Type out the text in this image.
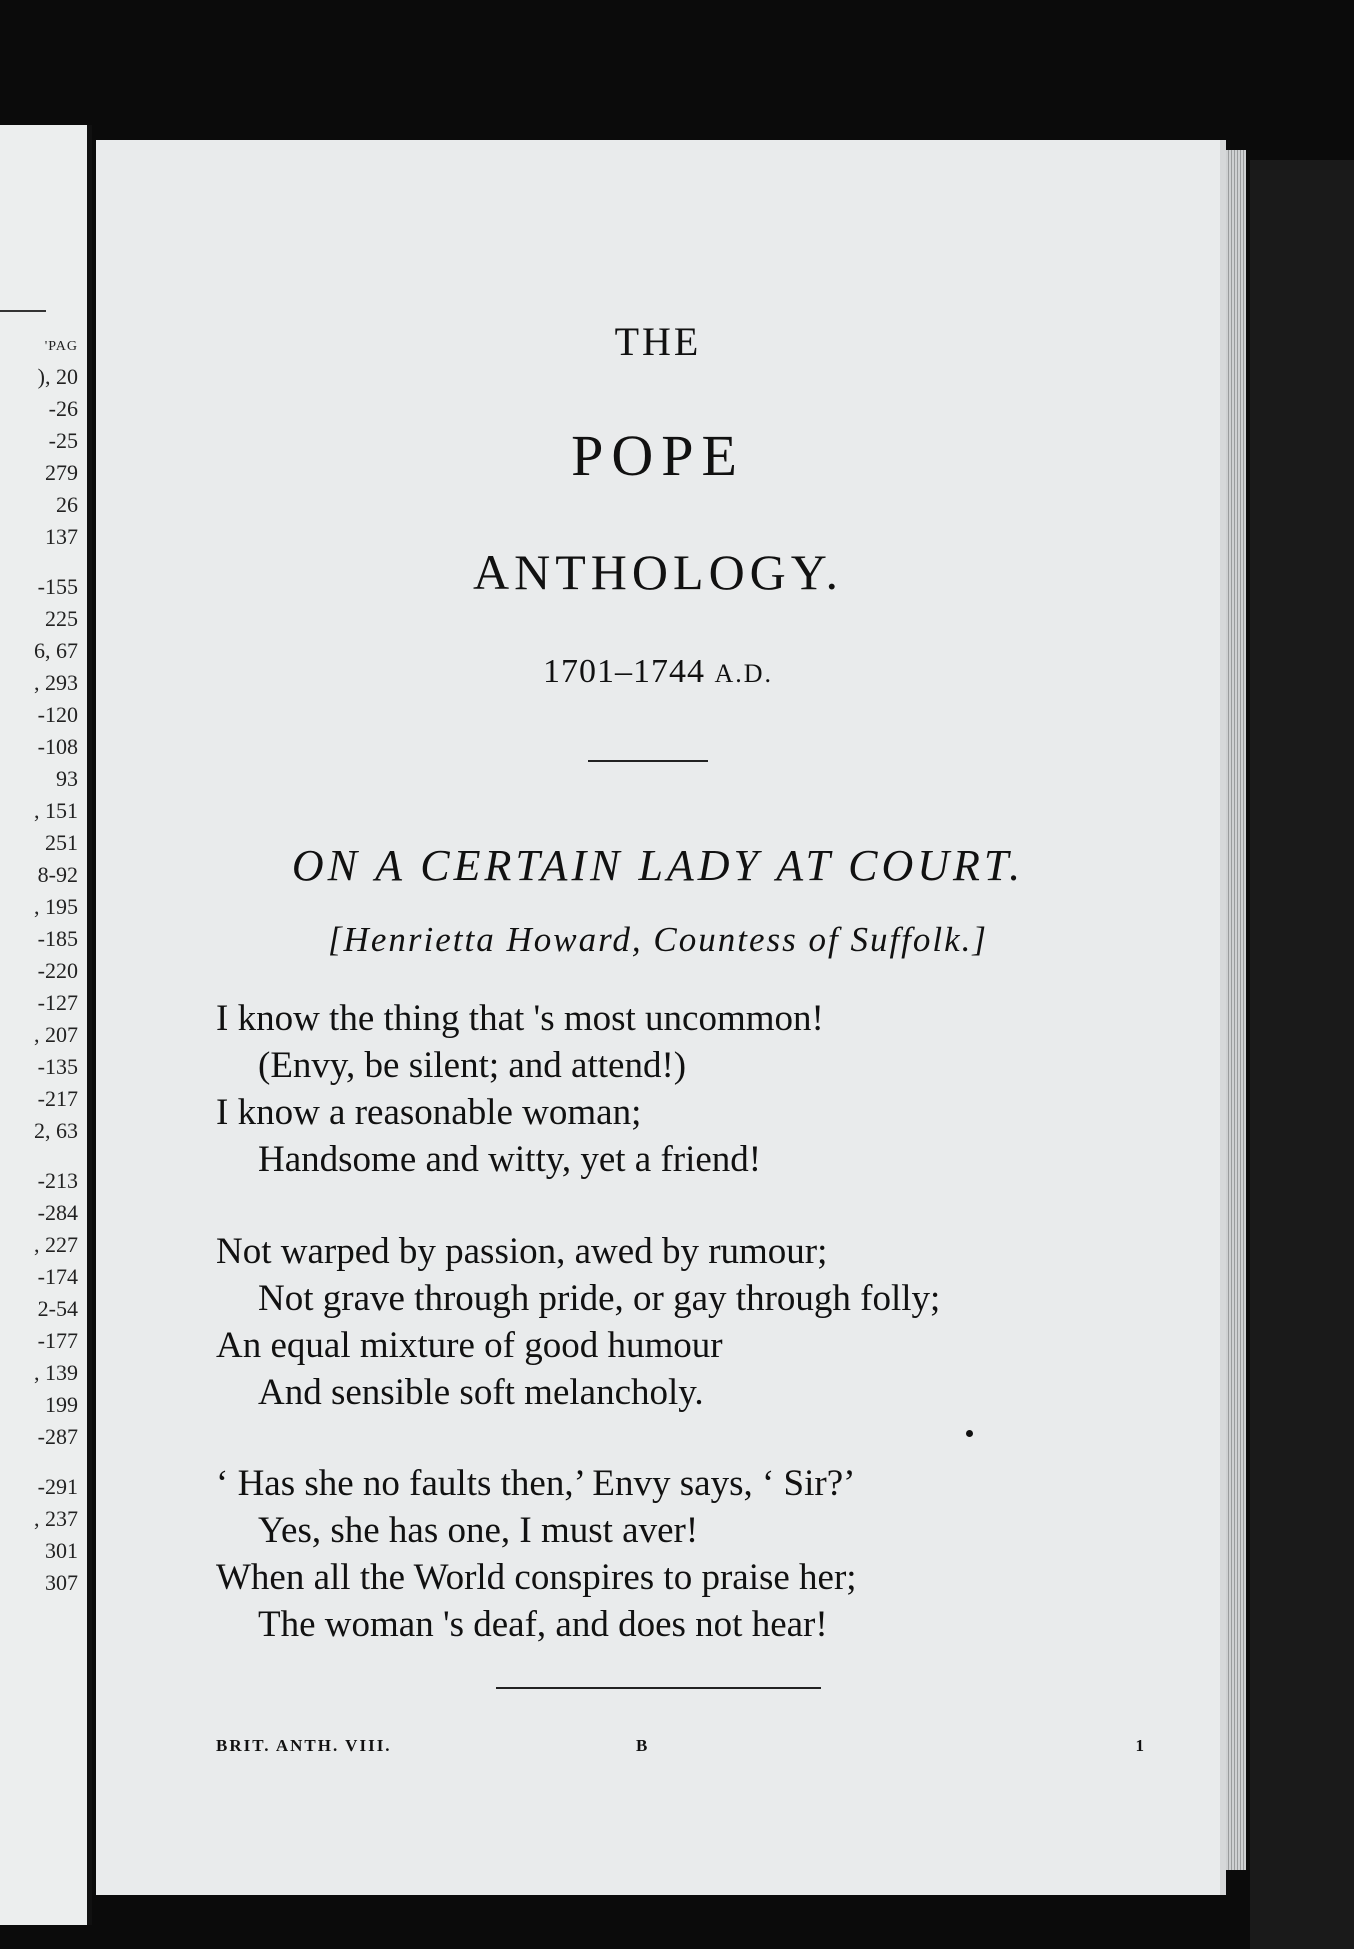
'PAG
), 20
-26
-25
279
26
137
-155
225
6, 67
, 293
-120
-108
93
, 151
251
8-92
, 195
-185
-220
-127
, 207
-135
-217
2, 63
-213
-284
, 227
-174
2-54
-177
, 139
199
-287
-291
, 237
301
307
THE
POPE
ANTHOLOGY.
1701–1744 A.D.
ON A CERTAIN LADY AT COURT.
[Henrietta Howard, Countess of Suffolk.]
I know the thing that 's most uncommon!
(Envy, be silent; and attend!)
I know a reasonable woman;
Handsome and witty, yet a friend!
Not warped by passion, awed by rumour;
Not grave through pride, or gay through folly;
An equal mixture of good humour
And sensible soft melancholy.
‘ Has she no faults then,’ Envy says, ‘ Sir?’
Yes, she has one, I must aver!
When all the World conspires to praise her;
The woman 's deaf, and does not hear!
BRIT. ANTH. VIII.	B	1
